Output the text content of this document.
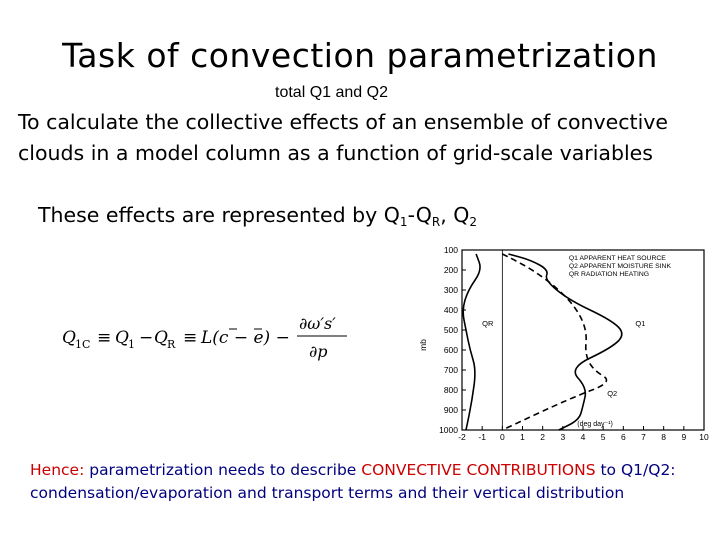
Task of convection parametrization
total Q1 and Q2
To calculate the collective effects of an ensemble of convective clouds in a model column as a function of grid-scale variables
These effects are represented by $Q_1-Q_R$, $Q_2$
Q 1C ≡ Q 1 − Q R ≡ L(c − e) −
∂ω′s′
∂p
100
200
300
400
500
600
700
800
900
1000
-2 -1 0 1 2 3 4 5 6 7 8 9 10
mb
(deg day⁻¹)
QR	Q1
Q2
Q1 APPARENT HEAT SOURCE
Q2 APPARENT MOISTURE SINK
QR RADIATION HEATING
Hence: parametrization needs to describe CONVECTIVE CONTRIBUTIONS to Q1/Q2: condensation/evaporation and transport terms and their vertical distribution
